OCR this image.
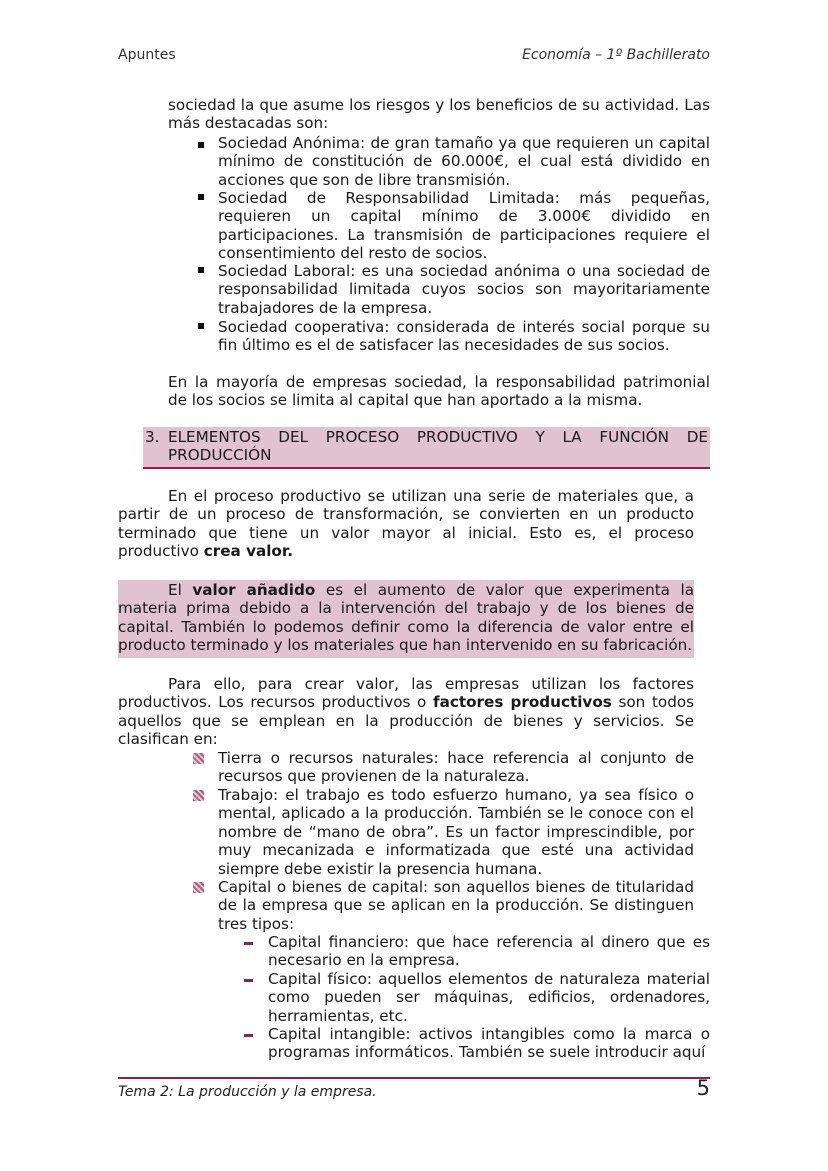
Apuntes	Economía – 1º Bachillerato

sociedad la que asume los riesgos y los beneficios de su actividad. Las más destacadas son:

Sociedad Anónima: de gran tamaño ya que requieren un capital mínimo de constitución de 60.000€, el cual está dividido en acciones que son de libre transmisión.

Sociedad de Responsabilidad Limitada: más pequeñas, requieren un capital mínimo de 3.000€ dividido en participaciones. La transmisión de participaciones requiere el consentimiento del resto de socios.

Sociedad Laboral: es una sociedad anónima o una sociedad de responsabilidad limitada cuyos socios son mayoritariamente trabajadores de la empresa.

Sociedad cooperativa: considerada de interés social porque su fin último es el de satisfacer las necesidades de sus socios.

En la mayoría de empresas sociedad, la responsabilidad patrimonial de los socios se limita al capital que han aportado a la misma.

3. ELEMENTOS DEL PROCESO PRODUCTIVO Y LA FUNCIÓN DE PRODUCCIÓN

En el proceso productivo se utilizan una serie de materiales que, a partir de un proceso de transformación, se convierten en un producto terminado que tiene un valor mayor al inicial. Esto es, el proceso productivo crea valor.

El valor añadido es el aumento de valor que experimenta la materia prima debido a la intervención del trabajo y de los bienes de capital. También lo podemos definir como la diferencia de valor entre el producto terminado y los materiales que han intervenido en su fabricación.

Para ello, para crear valor, las empresas utilizan los factores productivos. Los recursos productivos o factores productivos son todos aquellos que se emplean en la producción de bienes y servicios. Se clasifican en:

Tierra o recursos naturales: hace referencia al conjunto de recursos que provienen de la naturaleza.

Trabajo: el trabajo es todo esfuerzo humano, ya sea físico o mental, aplicado a la producción. También se le conoce con el nombre de “mano de obra”. Es un factor imprescindible, por muy mecanizada e informatizada que esté una actividad siempre debe existir la presencia humana.

Capital o bienes de capital: son aquellos bienes de titularidad de la empresa que se aplican en la producción. Se distinguen tres tipos:

Capital financiero: que hace referencia al dinero que es necesario en la empresa.

Capital físico: aquellos elementos de naturaleza material como pueden ser máquinas, edificios, ordenadores, herramientas, etc.

Capital intangible: activos intangibles como la marca o programas informáticos. También se suele introducir aquí

Tema 2: La producción y la empresa.	5
